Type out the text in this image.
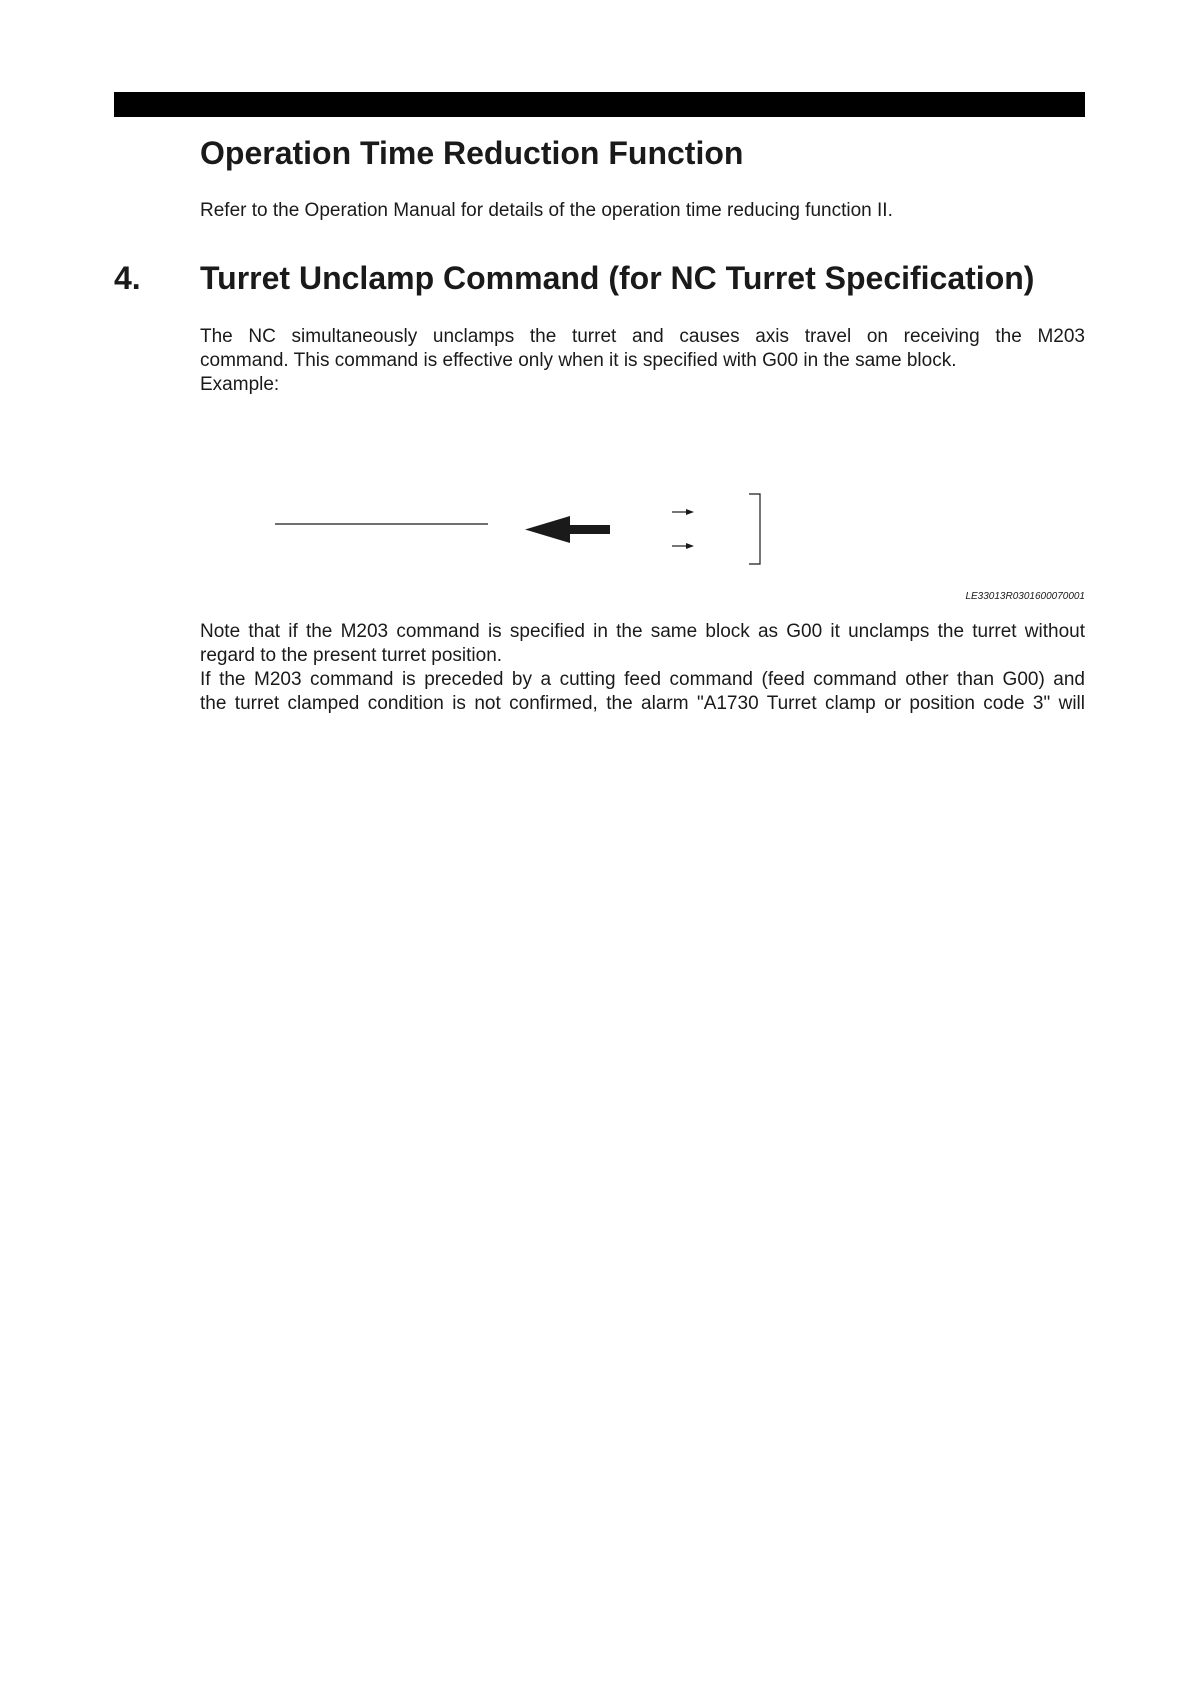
Operation Time Reduction Function

Refer to the Operation Manual for details of the operation time reducing function II.

4. Turret Unclamp Command (for NC Turret Specification)
The NC simultaneously unclamps the turret and causes axis travel on receiving the M203
command. This command is effective only when it is specified with G00 in the same block.
Example:
LE33013R0301600070001
Note that if the M203 command is specified in the same block as G00 it unclamps the turret without
regard to the present turret position.
If the M203 command is preceded by a cutting feed command (feed command other than G00) and
the turret clamped condition is not confirmed, the alarm "A1730 Turret clamp or position code 3" will
